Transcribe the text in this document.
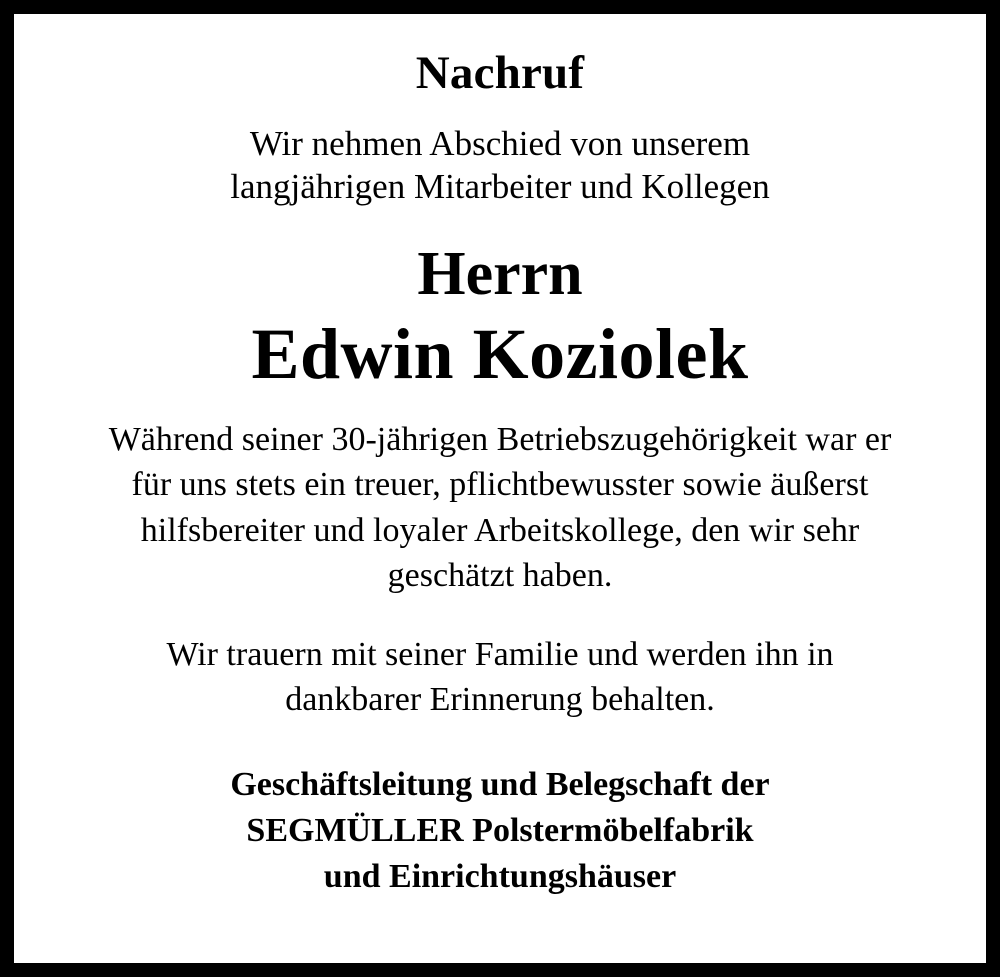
Nachruf
Wir nehmen Abschied von unserem
langjährigen Mitarbeiter und Kollegen
Herrn
Edwin Koziolek
Während seiner 30-jährigen Betriebszugehörigkeit war er
für uns stets ein treuer, pflichtbewusster sowie äußerst
hilfsbereiter und loyaler Arbeitskollege, den wir sehr
geschätzt haben.
Wir trauern mit seiner Familie und werden ihn in
dankbarer Erinnerung behalten.
Geschäftsleitung und Belegschaft der
SEGMÜLLER Polstermöbelfabrik
und Einrichtungshäuser
